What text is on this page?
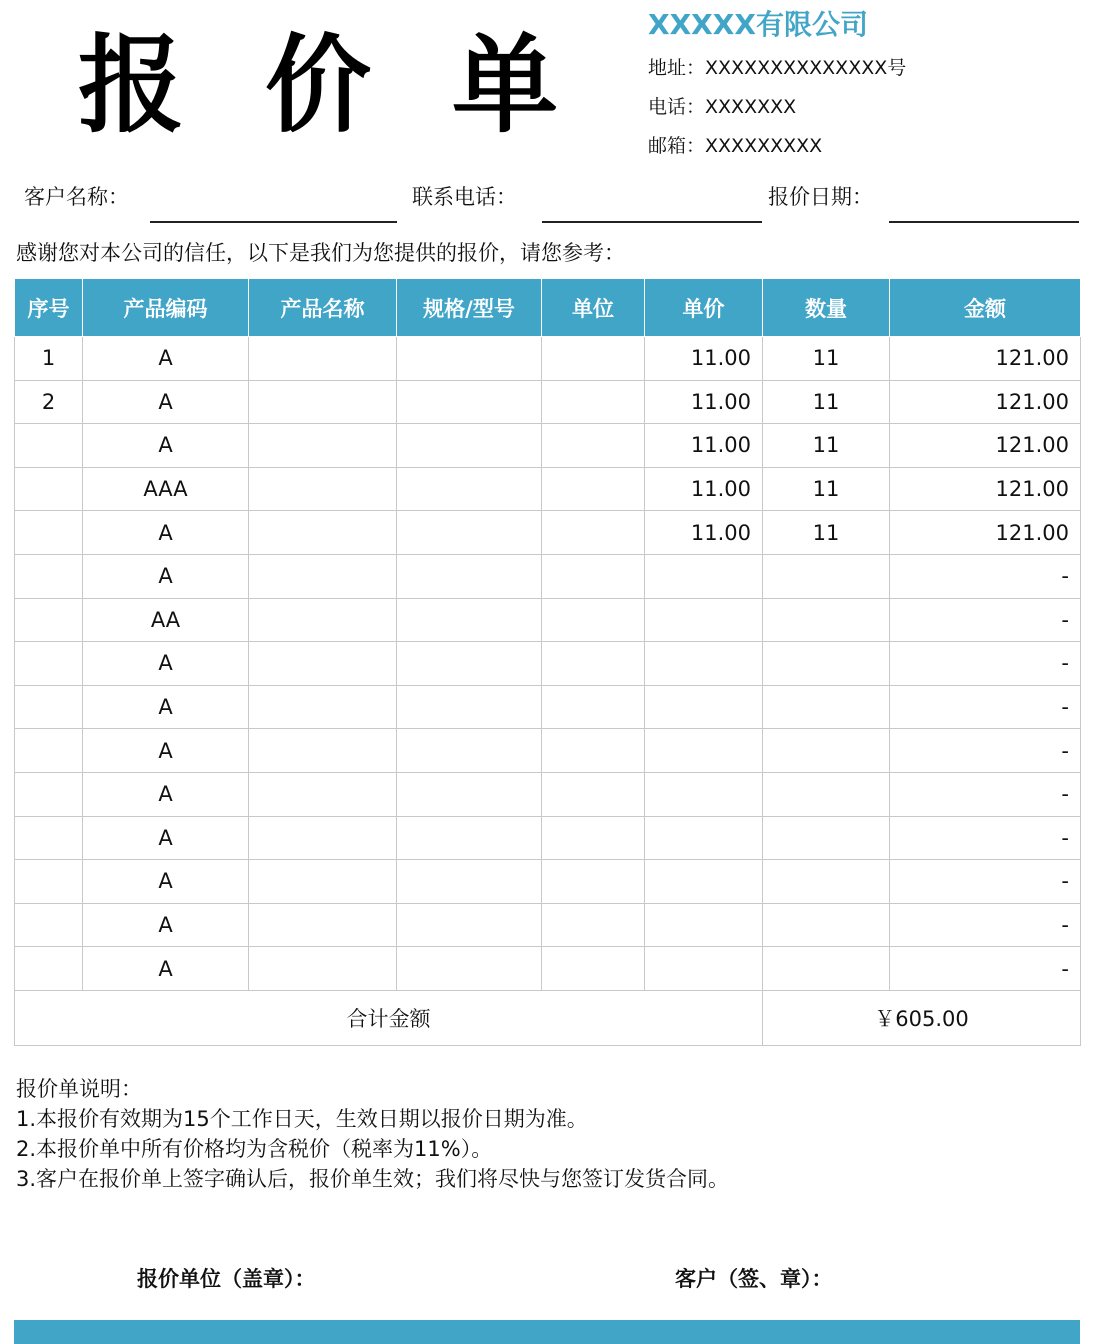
报 价 单	XXXXX有限公司
地址：XXXXXXXXXXXXXX号
电话：XXXXXXX
邮箱：XXXXXXXXX
客户名称：	联系电话：	报价日期：
感谢您对本公司的信任，以下是我们为您提供的报价，请您参考：
序号	产品编码	产品名称	规格/型号	单位	单价	数量	金额
1	A				11.00	11	121.00
2	A				11.00	11	121.00
	A				11.00	11	121.00
	AAA				11.00	11	121.00
	A				11.00	11	121.00
	A						-
	AA						-
	A						-
	A						-
	A						-
	A						-
	A						-
	A						-
	A						-
	A						-
合计金额						￥605.00	
报价单说明：
1.本报价有效期为15个工作日天，生效日期以报价日期为准。
2.本报价单中所有价格均为含税价（税率为11%）。
3.客户在报价单上签字确认后，报价单生效；我们将尽快与您签订发货合同。
报价单位（盖章）：	客户（签、章）：
